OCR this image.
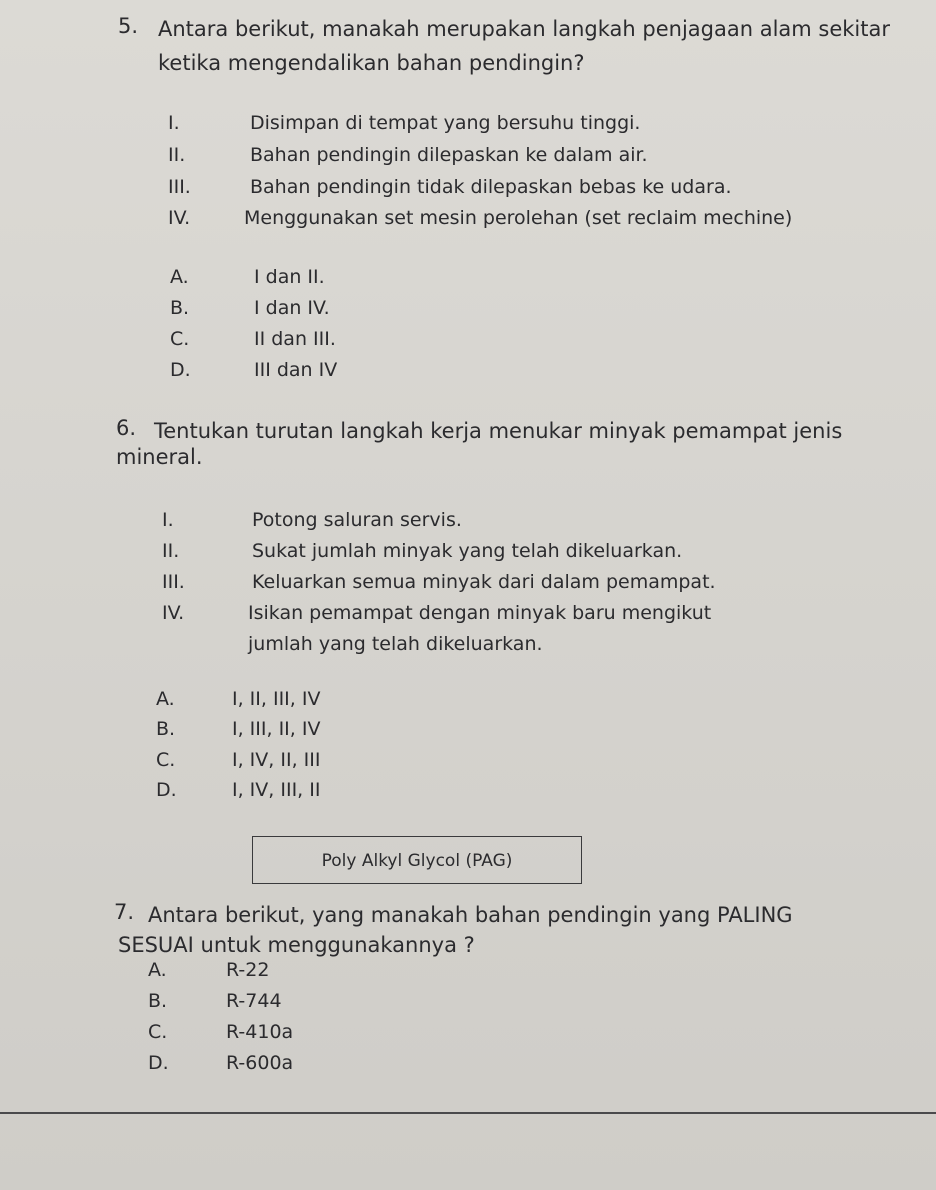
5. Antara berikut, manakah merupakan langkah penjagaan alam sekitar
ketika mengendalikan bahan pendingin?
I.	Disimpan di tempat yang bersuhu tinggi.
II.	Bahan pendingin dilepaskan ke dalam air.
III.	Bahan pendingin tidak dilepaskan bebas ke udara.
IV.	Menggunakan set mesin perolehan (set reclaim mechine)
A.	I dan II.
B.	I dan IV.
C.	II dan III.
D.	III dan IV
6. Tentukan turutan langkah kerja menukar minyak pemampat jenis
mineral.
I.	Potong saluran servis.
II.	Sukat jumlah minyak yang telah dikeluarkan.
III.	Keluarkan semua minyak dari dalam pemampat.
IV.	Isikan pemampat dengan minyak baru mengikut
jumlah yang telah dikeluarkan.
A.	I, II, III, IV
B.	I, III, II, IV
C.	I, IV, II, III
D.	I, IV, III, II
Poly Alkyl Glycol (PAG)
7. Antara berikut, yang manakah bahan pendingin yang PALING
SESUAI untuk menggunakannya ?
A.	R-22
B.	R-744
C.	R-410a
D.	R-600a
